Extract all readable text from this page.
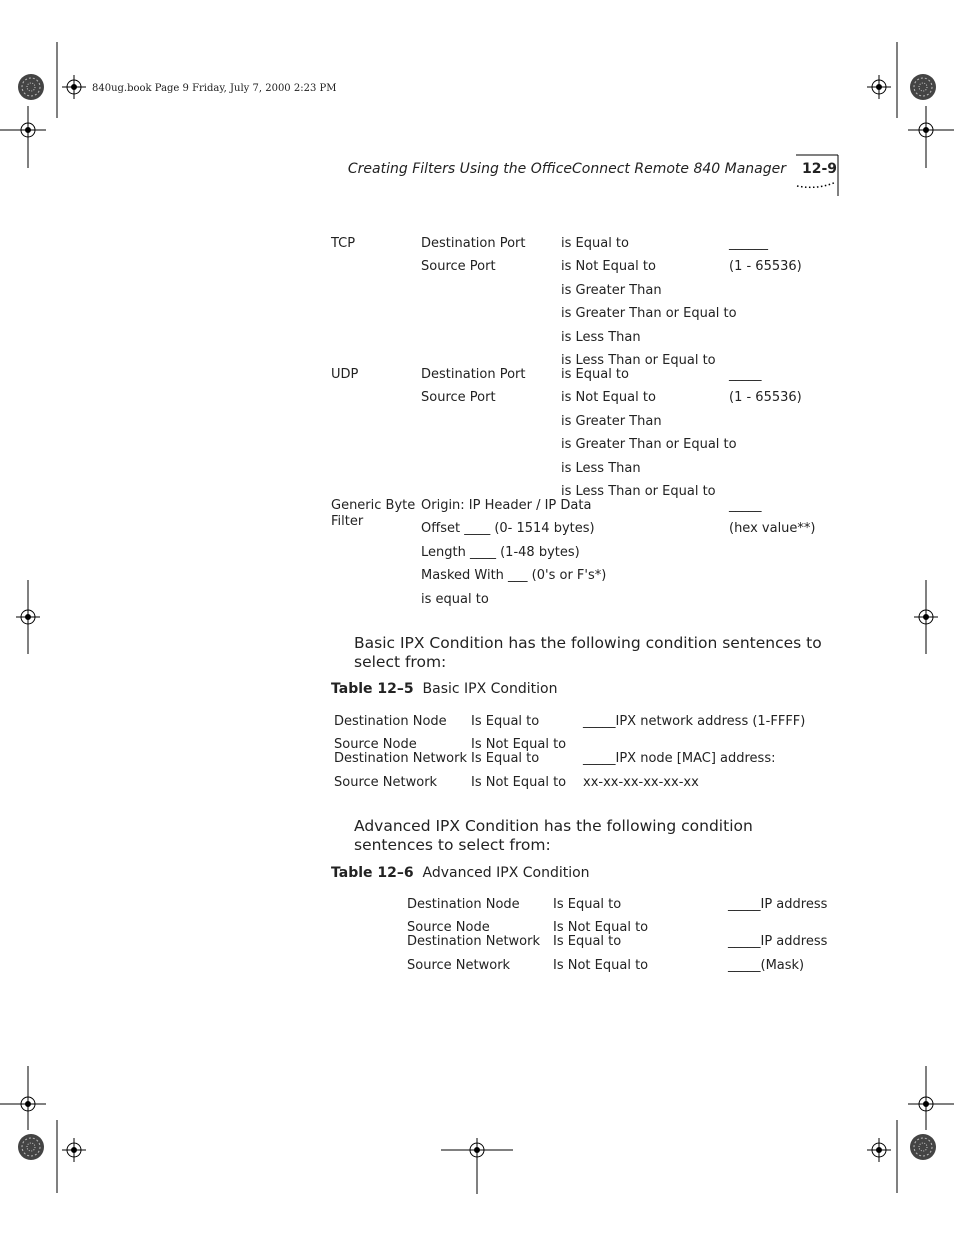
840ug.book Page 9 Friday, July 7, 2000 2:23 PM
Creating Filters Using the OfficeConnect Remote 840 Manager 12-9
TCP	Destination Port
Source Port
is Equal to
is Not Equal to
is Greater Than
is Greater Than or Equal to
is Less Than
is Less Than or Equal to
______
(1 - 65536)
UDP	Destination Port
Source Port
is Equal to
is Not Equal to
is Greater Than
is Greater Than or Equal to
is Less Than
is Less Than or Equal to
_____
(1 - 65536)
Generic Byte
Filter
Origin: IP Header / IP Data
Offset ____ (0- 1514 bytes)
Length ____ (1-48 bytes)
Masked With ___ (0's or F's*)
is equal to
_____
(hex value**)
Basic IPX Condition has the following condition sentences to select from:
Table 12–5 Basic IPX Condition
Destination Node
Source Node
Destination Network
Source Network
Is Equal to
Is Not Equal to
Is Equal to
Is Not Equal to
_____IPX network address (1-FFFF)
_____IPX node [MAC] address:
xx-xx-xx-xx-xx-xx
Advanced IPX Condition has the following condition sentences to select from:
Table 12–6 Advanced IPX Condition
Destination Node
Source Node
Destination Network
Source Network
Is Equal to
Is Not Equal to
Is Equal to
Is Not Equal to
_____IP address
_____IP address
_____(Mask)
